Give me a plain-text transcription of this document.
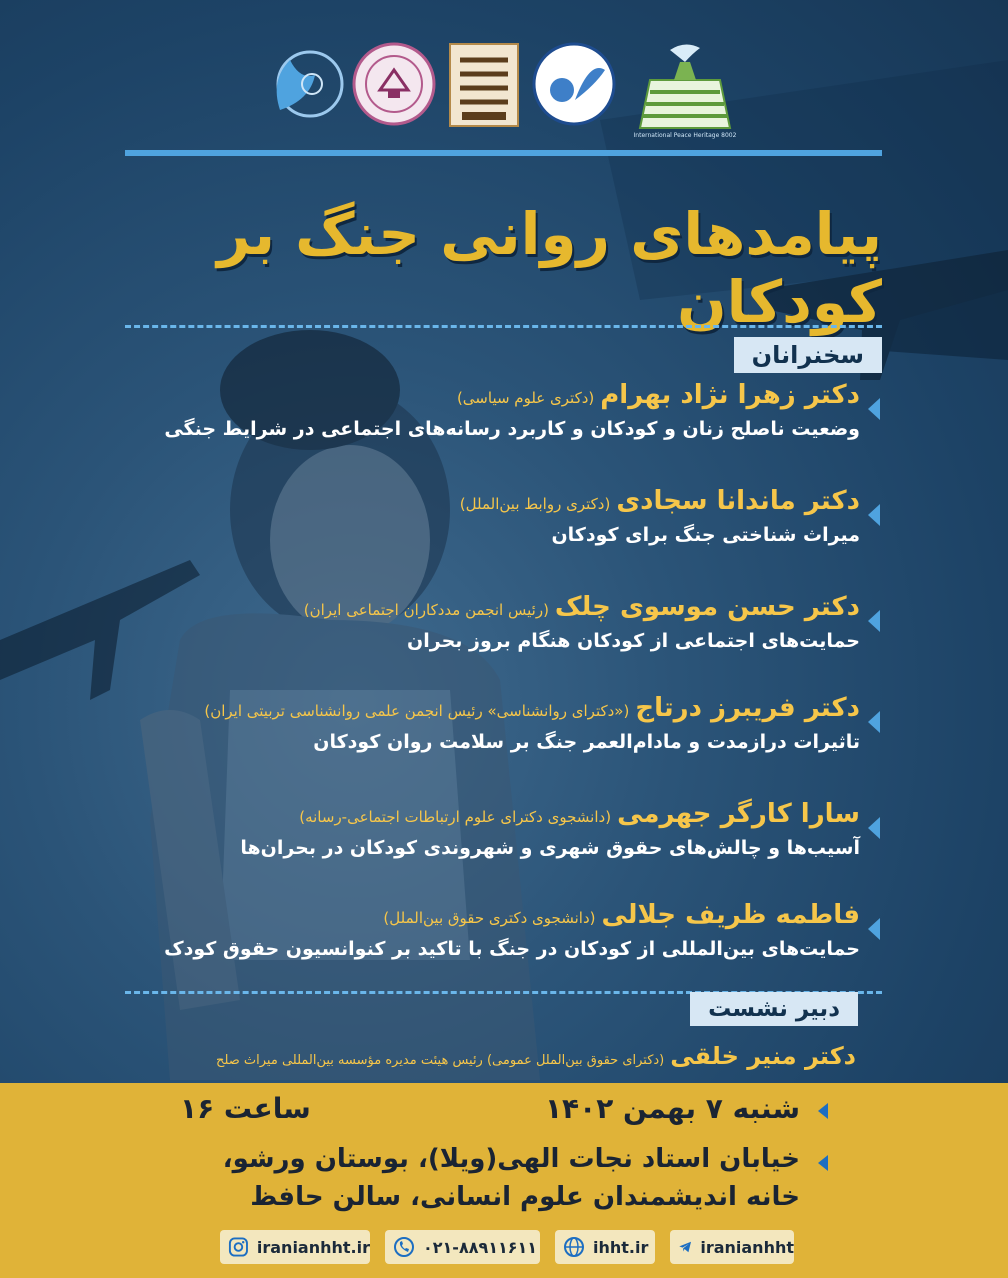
International Peace Heritage 8002
پیامدهای روانی جنگ بر کودکان
سخنرانان
دکتر زهرا نژاد بهرام(دکتری علوم سیاسی)
وضعیت ناصلح زنان و کودکان و کاربرد رسانه‌های اجتماعی در شرایط جنگی
دکتر ماندانا سجادی(دکتری روابط بین‌الملل)
میراث شناختی جنگ برای کودکان
دکتر حسن موسوی چلک(رئیس انجمن مددکاران اجتماعی ایران)
حمایت‌های اجتماعی از کودکان هنگام بروز بحران
دکتر فریبرز درتاج(«دکترای روانشناسی» رئیس انجمن علمی روانشناسی تربیتی ایران)
تاثیرات درازمدت و مادام‌العمر جنگ بر سلامت روان کودکان
سارا کارگر جهرمی(دانشجوی دکترای علوم ارتباطات اجتماعی-رسانه)
آسیب‌ها و چالش‌های حقوق شهری و شهروندی کودکان در بحران‌ها
فاطمه ظریف جلالی(دانشجوی دکتری حقوق بین‌الملل)
حمایت‌های بین‌المللی از کودکان در جنگ با تاکید بر کنوانسیون حقوق کودک
دبیر نشست
دکتر منیر خلقی(دکترای حقوق بین‌الملل عمومی) رئیس هیئت مدیره مؤسسه بین‌المللی میراث صلح
شنبه ۷ بهمن ۱۴۰۲
ساعت ۱۶
خیابان استاد نجات الهی(ویلا)، بوستان ورشو،
خانه اندیشمندان علوم انسانی، سالن حافظ
iranianhht
ihht.ir
۰۲۱-۸۸۹۱۱۶۱۱
iranianhht.ir
